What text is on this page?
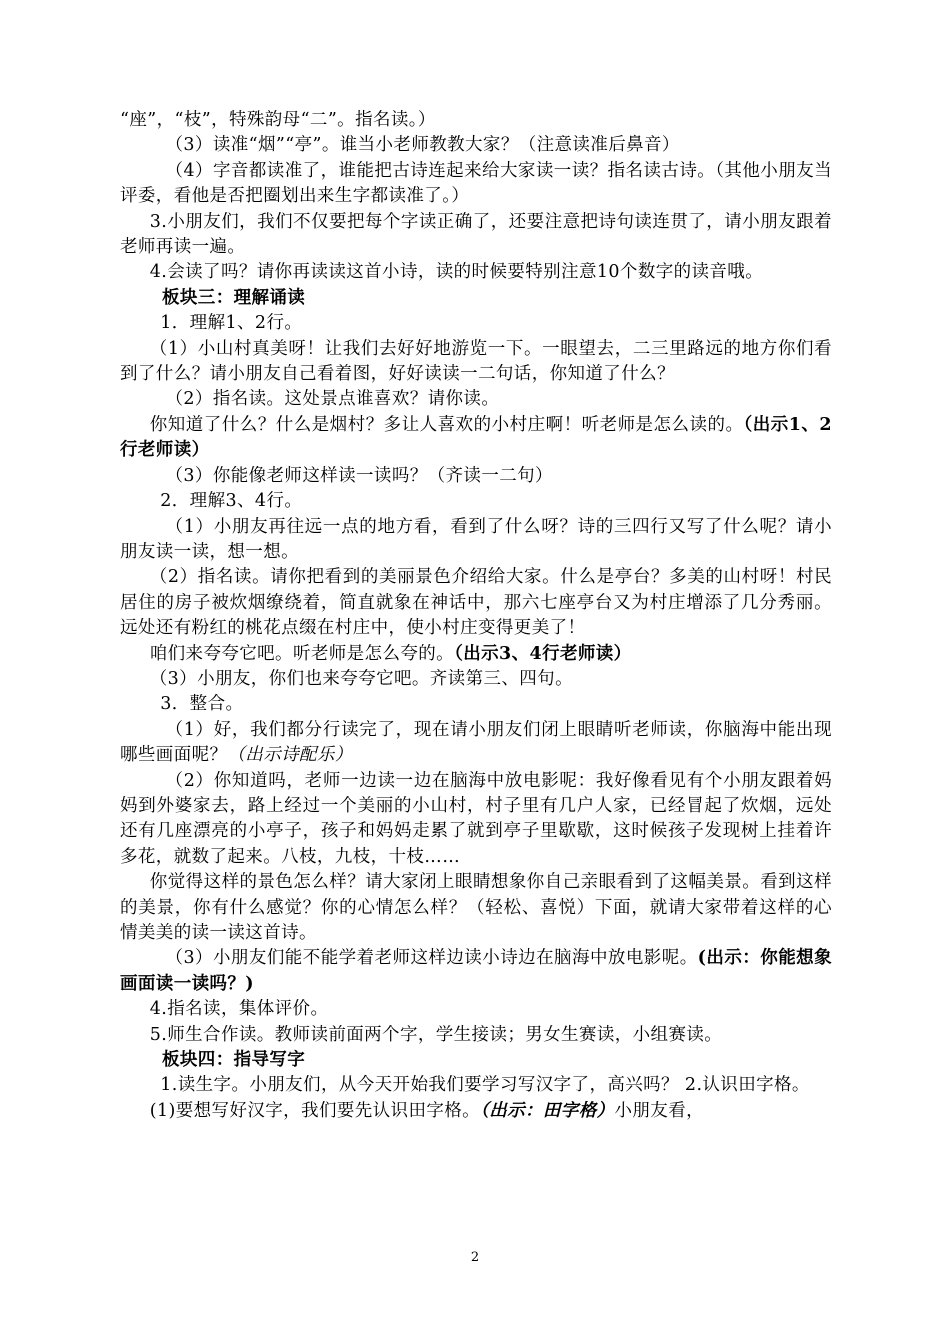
“座”，“枝”，特殊韵母“二”。指名读。）

（3）读准“烟”“亭”。谁当小老师教教大家？（注意读准后鼻音）

（4）字音都读准了，谁能把古诗连起来给大家读一读？指名读古诗。（其他小朋友当评委，看他是否把圈划出来生字都读准了。）

3.小朋友们，我们不仅要把每个字读正确了，还要注意把诗句读连贯了，请小朋友跟着老师再读一遍。

4.会读了吗？请你再读读这首小诗，读的时候要特别注意10个数字的读音哦。

板块三：理解诵读

1．理解1、2行。

（1）小山村真美呀！让我们去好好地游览一下。一眼望去，二三里路远的地方你们看到了什么？请小朋友自己看着图，好好读读一二句话，你知道了什么？

（2）指名读。这处景点谁喜欢？请你读。

你知道了什么？什么是烟村？多让人喜欢的小村庄啊！听老师是怎么读的。（出示1、2行老师读）

（3）你能像老师这样读一读吗？（齐读一二句）

2．理解3、4行。

（1）小朋友再往远一点的地方看，看到了什么呀？诗的三四行又写了什么呢？请小朋友读一读，想一想。

（2）指名读。请你把看到的美丽景色介绍给大家。什么是亭台？多美的山村呀！村民居住的房子被炊烟缭绕着，简直就象在神话中，那六七座亭台又为村庄增添了几分秀丽。远处还有粉红的桃花点缀在村庄中，使小村庄变得更美了！

咱们来夸夸它吧。听老师是怎么夸的。（出示3、4行老师读）

（3）小朋友，你们也来夸夸它吧。齐读第三、四句。

3．整合。

（1）好，我们都分行读完了，现在请小朋友们闭上眼睛听老师读，你脑海中能出现哪些画面呢？（出示诗配乐）

（2）你知道吗，老师一边读一边在脑海中放电影呢：我好像看见有个小朋友跟着妈妈到外婆家去，路上经过一个美丽的小山村，村子里有几户人家，已经冒起了炊烟，远处还有几座漂亮的小亭子，孩子和妈妈走累了就到亭子里歇歇，这时候孩子发现树上挂着许多花，就数了起来。八枝，九枝，十枝……

你觉得这样的景色怎么样？请大家闭上眼睛想象你自己亲眼看到了这幅美景。看到这样的美景，你有什么感觉？你的心情怎么样？（轻松、喜悦）下面，就请大家带着这样的心情美美的读一读这首诗。

（3）小朋友们能不能学着老师这样边读小诗边在脑海中放电影呢。(出示：你能想象画面读一读吗？)

4.指名读，集体评价。

5.师生合作读。教师读前面两个字，学生接读；男女生赛读，小组赛读。

板块四：指导写字

1.读生字。小朋友们，从今天开始我们要学习写汉字了，高兴吗？ 2.认识田字格。

(1)要想写好汉字，我们要先认识田字格。（出示：田字格）小朋友看，

2
